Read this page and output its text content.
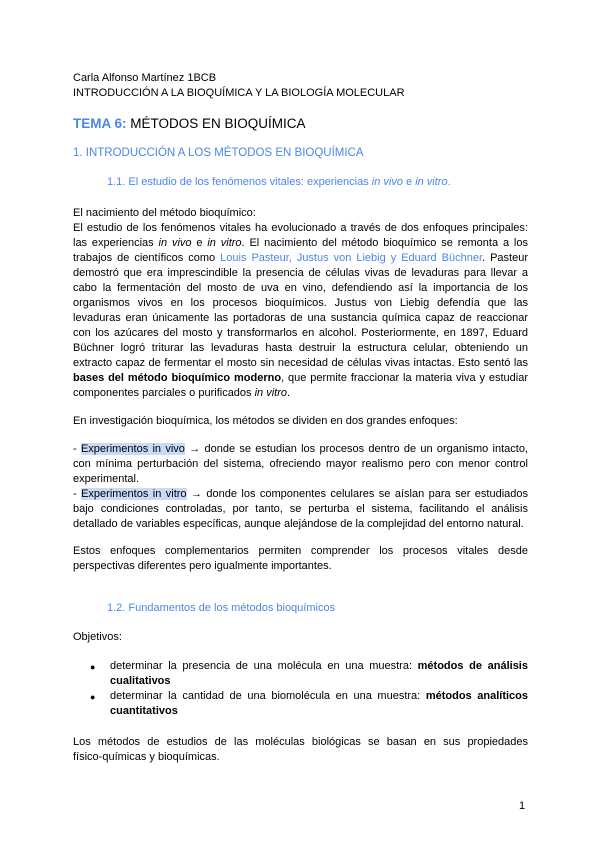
Carla Alfonso Martínez 1BCB
INTRODUCCIÓN A LA BIOQUÍMICA Y LA BIOLOGÍA MOLECULAR
TEMA 6: MÉTODOS EN BIOQUÍMICA
1. INTRODUCCIÓN A LOS MÉTODOS EN BIOQUÍMICA
1.1. El estudio de los fenómenos vitales: experiencias in vivo e in vitro.
El nacimiento del método bioquímico:
El estudio de los fenómenos vitales ha evolucionado a través de dos enfoques principales:
las experiencias in vivo e in vitro. El nacimiento del método bioquímico se remonta a los
trabajos de científicos como Louis Pasteur, Justus von Liebig y Eduard Büchner. Pasteur
demostró que era imprescindible la presencia de células vivas de levaduras para llevar a
cabo la fermentación del mosto de uva en vino, defendiendo así la importancia de los
organismos vivos en los procesos bioquímicos. Justus von Liebig defendía que las
levaduras eran únicamente las portadoras de una sustancia química capaz de reaccionar
con los azúcares del mosto y transformarlos en alcohol. Posteriormente, en 1897, Eduard
Büchner logró triturar las levaduras hasta destruir la estructura celular, obteniendo un
extracto capaz de fermentar el mosto sin necesidad de células vivas intactas. Esto sentó las
bases del método bioquímico moderno, que permite fraccionar la materia viva y estudiar
componentes parciales o purificados in vitro.
En investigación bioquímica, los métodos se dividen en dos grandes enfoques:
- Experimentos in vivo → donde se estudian los procesos dentro de un organismo intacto,
con mínima perturbación del sistema, ofreciendo mayor realismo pero con menor control
experimental.
- Experimentos in vitro → donde los componentes celulares se aíslan para ser estudiados
bajo condiciones controladas, por tanto, se perturba el sistema, facilitando el análisis
detallado de variables específicas, aunque alejándose de la complejidad del entorno natural.
Estos enfoques complementarios permiten comprender los procesos vitales desde
perspectivas diferentes pero igualmente importantes.
1.2. Fundamentos de los métodos bioquímicos
Objetivos:
● determinar la presencia de una molécula en una muestra: métodos de análisis
cualitativos
● determinar la cantidad de una biomolécula en una muestra: métodos analíticos
cuantitativos
Los métodos de estudios de las moléculas biológicas se basan en sus propiedades
físico-químicas y bioquímicas.
1
